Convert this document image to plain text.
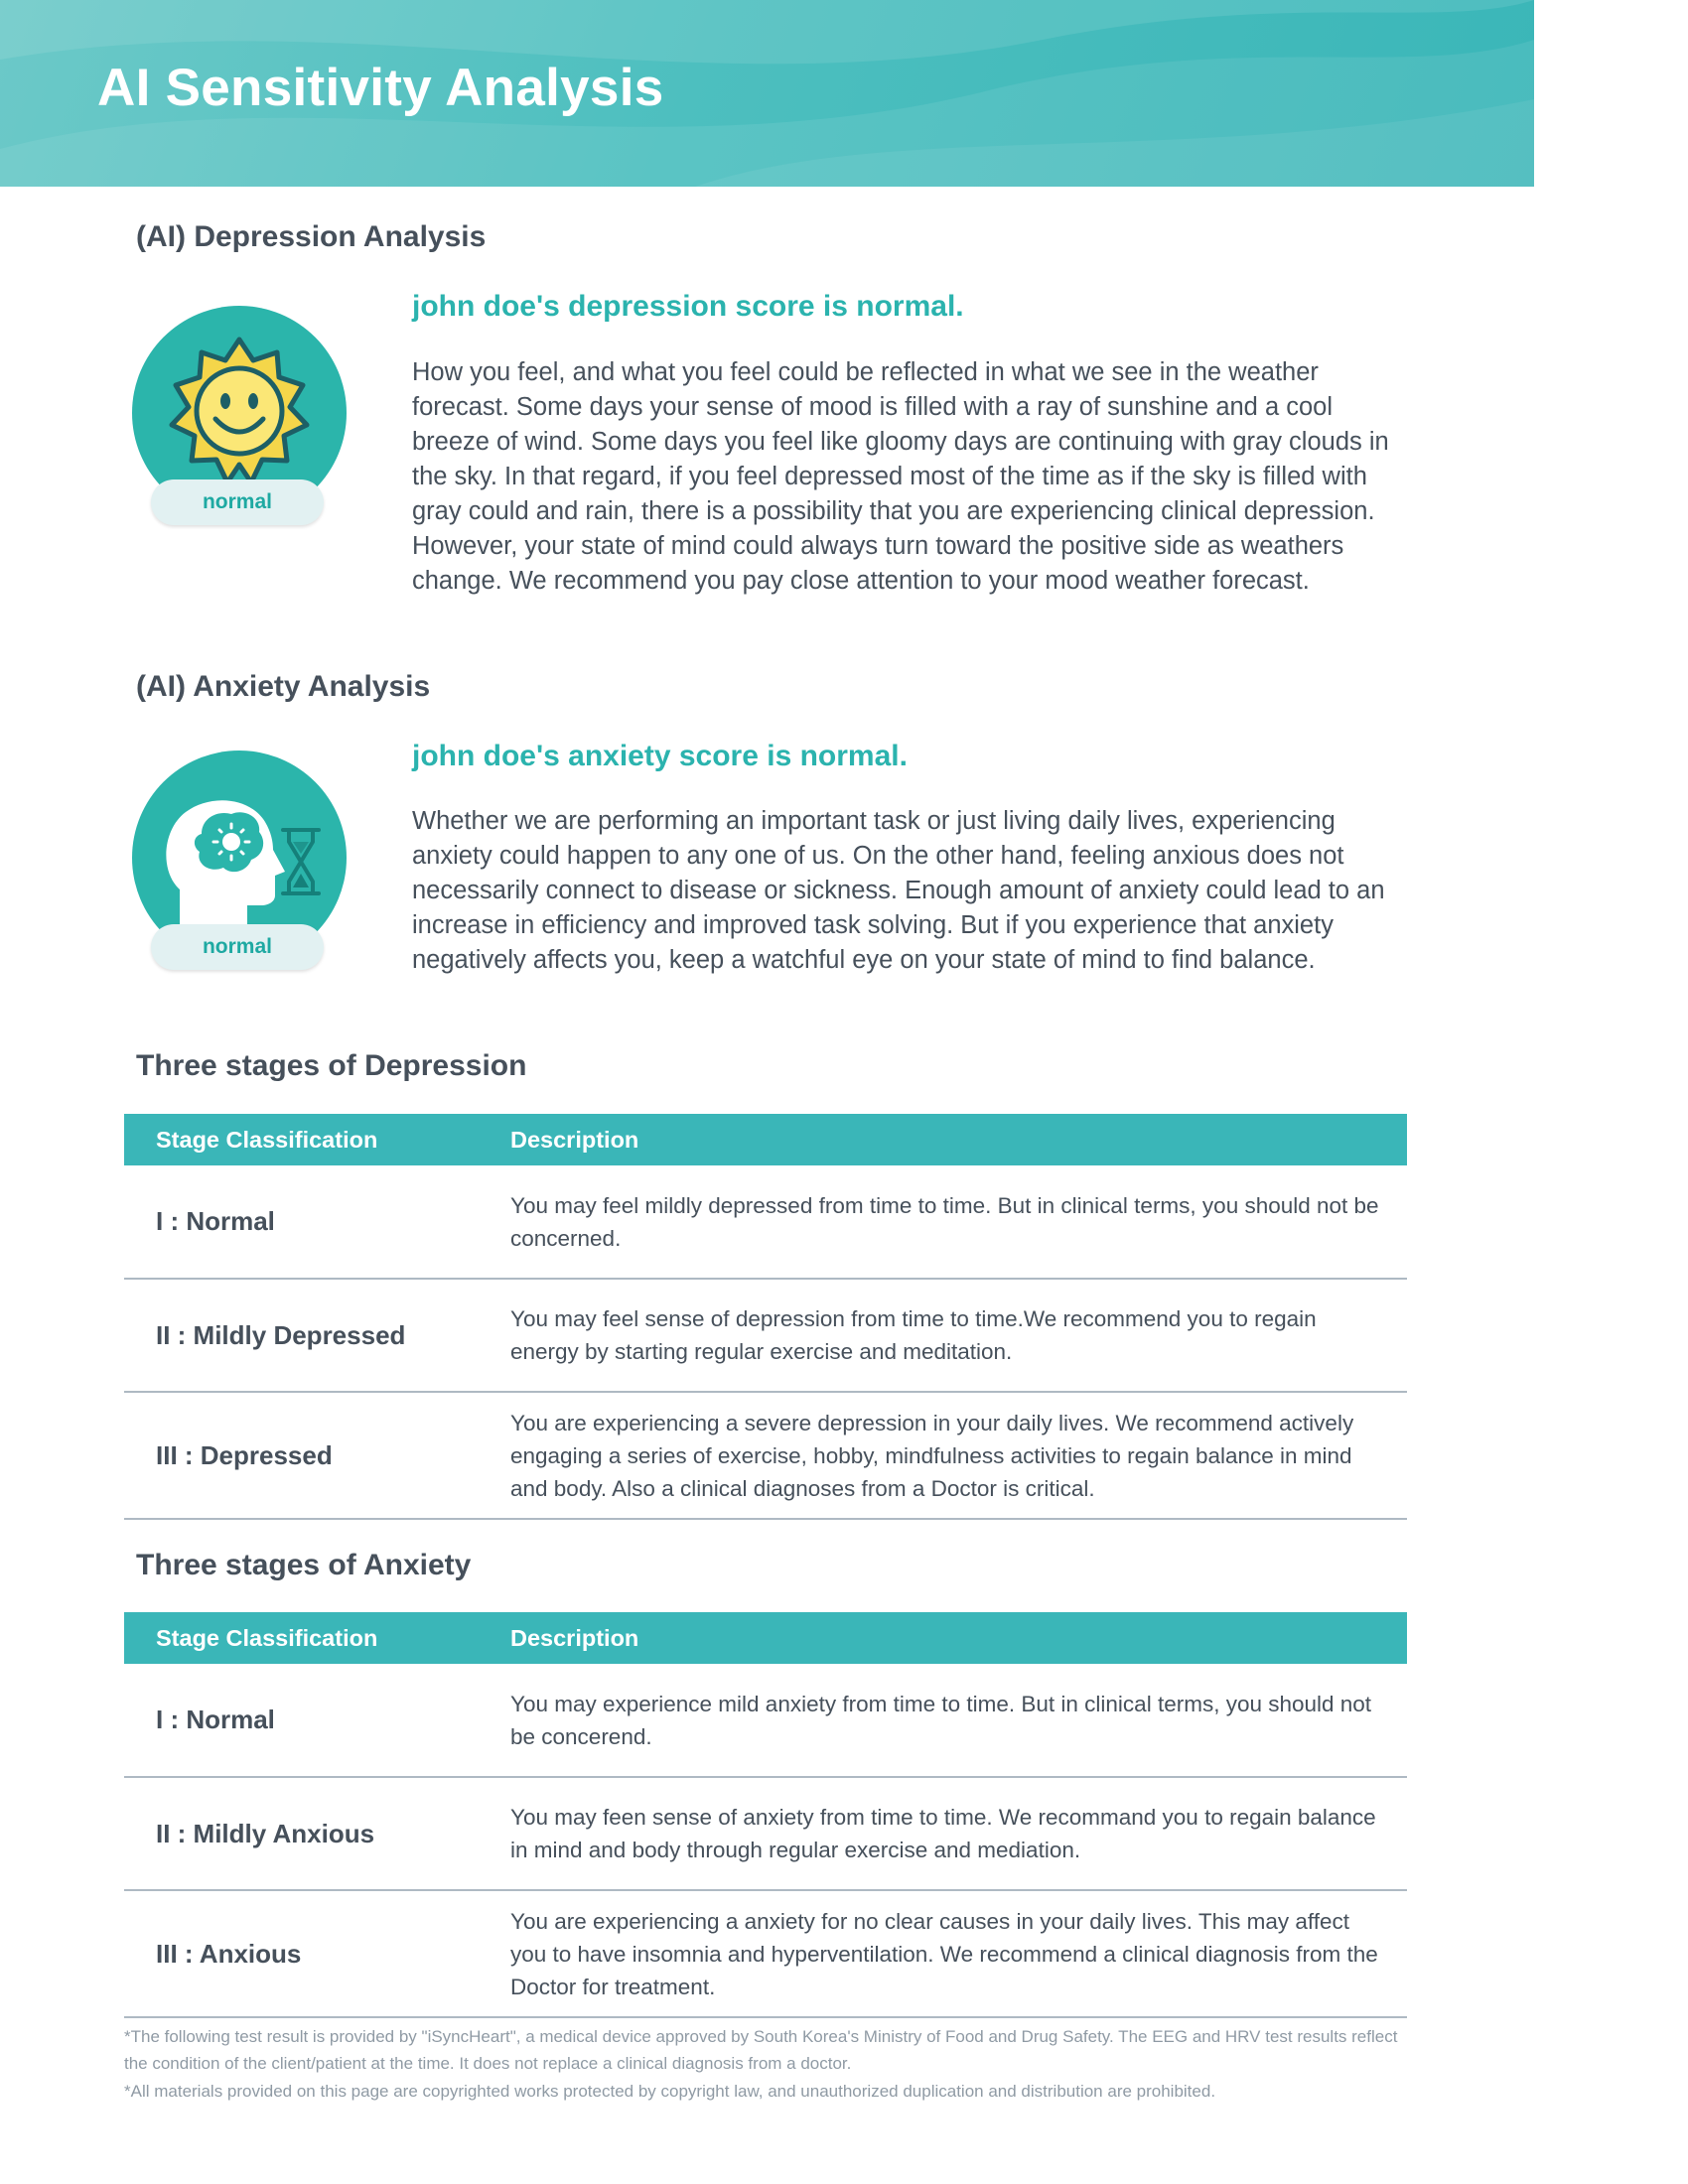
AI Sensitivity Analysis
(AI) Depression Analysis
normal
john doe's depression score is normal.

How you feel, and what you feel could be reflected in what we see in the weather forecast. Some days your sense of mood is filled with a ray of sunshine and a cool breeze of wind. Some days you feel like gloomy days are continuing with gray clouds in the sky. In that regard, if you feel depressed most of the time as if the sky is filled with gray could and rain, there is a possibility that you are experiencing clinical depression. However, your state of mind could always turn toward the positive side as weathers change. We recommend you pay close attention to your mood weather forecast.

(AI) Anxiety Analysis
normal
john doe's anxiety score is normal.

Whether we are performing an important task or just living daily lives, experiencing anxiety could happen to any one of us. On the other hand, feeling anxious does not necessarily connect to disease or sickness. Enough amount of anxiety could lead to an increase in efficiency and improved task solving. But if you experience that anxiety negatively affects you, keep a watchful eye on your state of mind to find balance.

Three stages of Depression
Stage Classification	Description
I : Normal	You may feel mildly depressed from time to time. But in clinical terms, you should not be concerned.
II : Mildly Depressed	You may feel sense of depression from time to time.We recommend you to regain energy by starting regular exercise and meditation.
III : Depressed	You are experiencing a severe depression in your daily lives. We recommend actively engaging a series of exercise, hobby, mindfulness activities to regain balance in mind and body. Also a clinical diagnoses from a Doctor is critical.
Three stages of Anxiety
Stage Classification	Description
I : Normal	You may experience mild anxiety from time to time. But in clinical terms, you should not be concerend.
II : Mildly Anxious	You may feen sense of anxiety from time to time. We recommand you to regain balance in mind and body through regular exercise and mediation.
III : Anxious	You are experiencing a anxiety for no clear causes in your daily lives. This may affect you to have insomnia and hyperventilation. We recommend a clinical diagnosis from the Doctor for treatment.

*The following test result is provided by "iSyncHeart", a medical device approved by South Korea's Ministry of Food and Drug Safety. The EEG and HRV test results reflect the condition of the client/patient at the time. It does not replace a clinical diagnosis from a doctor.

*All materials provided on this page are copyrighted works protected by copyright law, and unauthorized duplication and distribution are prohibited.
